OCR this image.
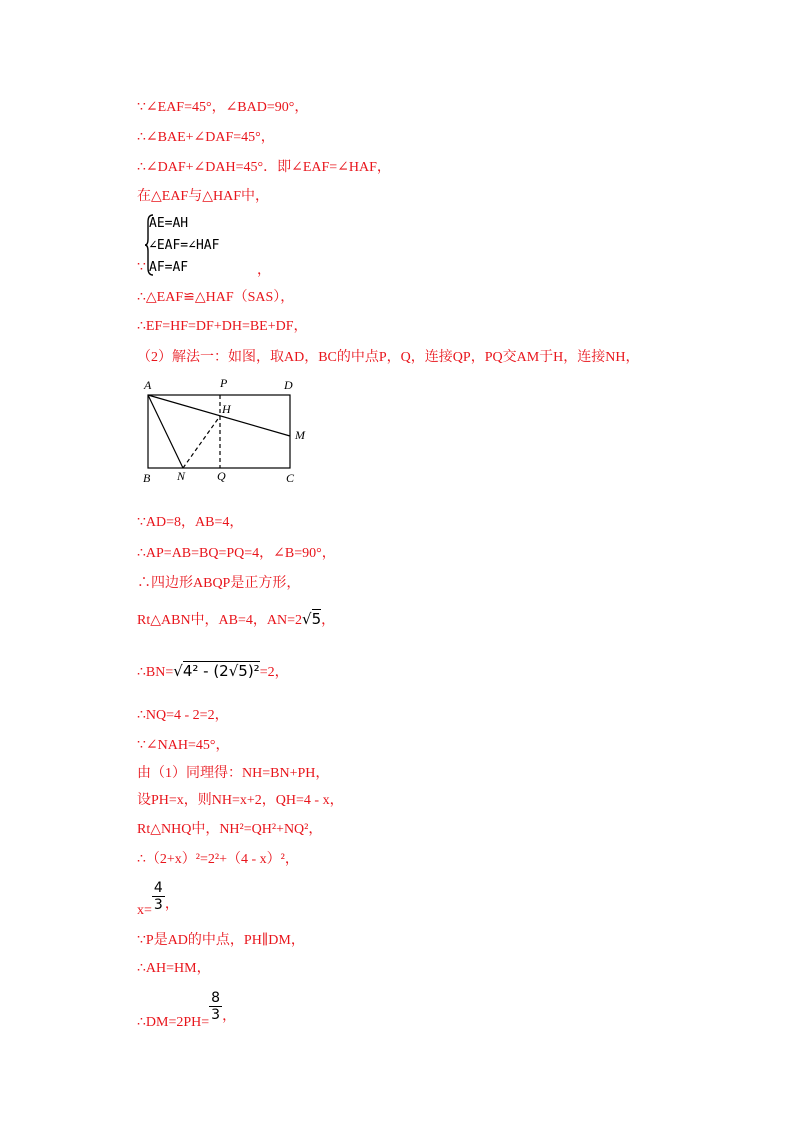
∵∠EAF=45°，∠BAD=90°，
∴∠BAE+∠DAF=45°，
∴∠DAF+∠DAH=45°．即∠EAF=∠HAF，
在△EAF与△HAF中，
AE=AH
∠EAF=∠HAF
AF=AF
∵	，
∴△EAF≌△HAF（SAS），
∴EF=HF=DF+DH=BE+DF，
（2）解法一：如图，取AD，BC的中点P，Q，连接QP，PQ交AM于H，连接NH，
A	P	D
H
M
B N	Q	C
∵AD=8，AB=4，
∴AP=AB=BQ=PQ=4，∠B=90°，
∴四边形ABQP是正方形，
Rt△ABN中，AB=4，AN=2√5，
∴BN=√4² - (2√5)²=2，
∴NQ=4 - 2=2，
∵∠NAH=45°，
由（1）同理得：NH=BN+PH，
设PH=x，则NH=x+2，QH=4 - x，
Rt△NHQ中，NH²=QH²+NQ²，
∴（2+x）²=2²+（4 - x）²，
$x= \frac{4}{3}$ ，
∵P是AD的中点，PH∥DM，
∴AH=HM，
∴DM=2PH= $\frac{8}{3}$ ，
